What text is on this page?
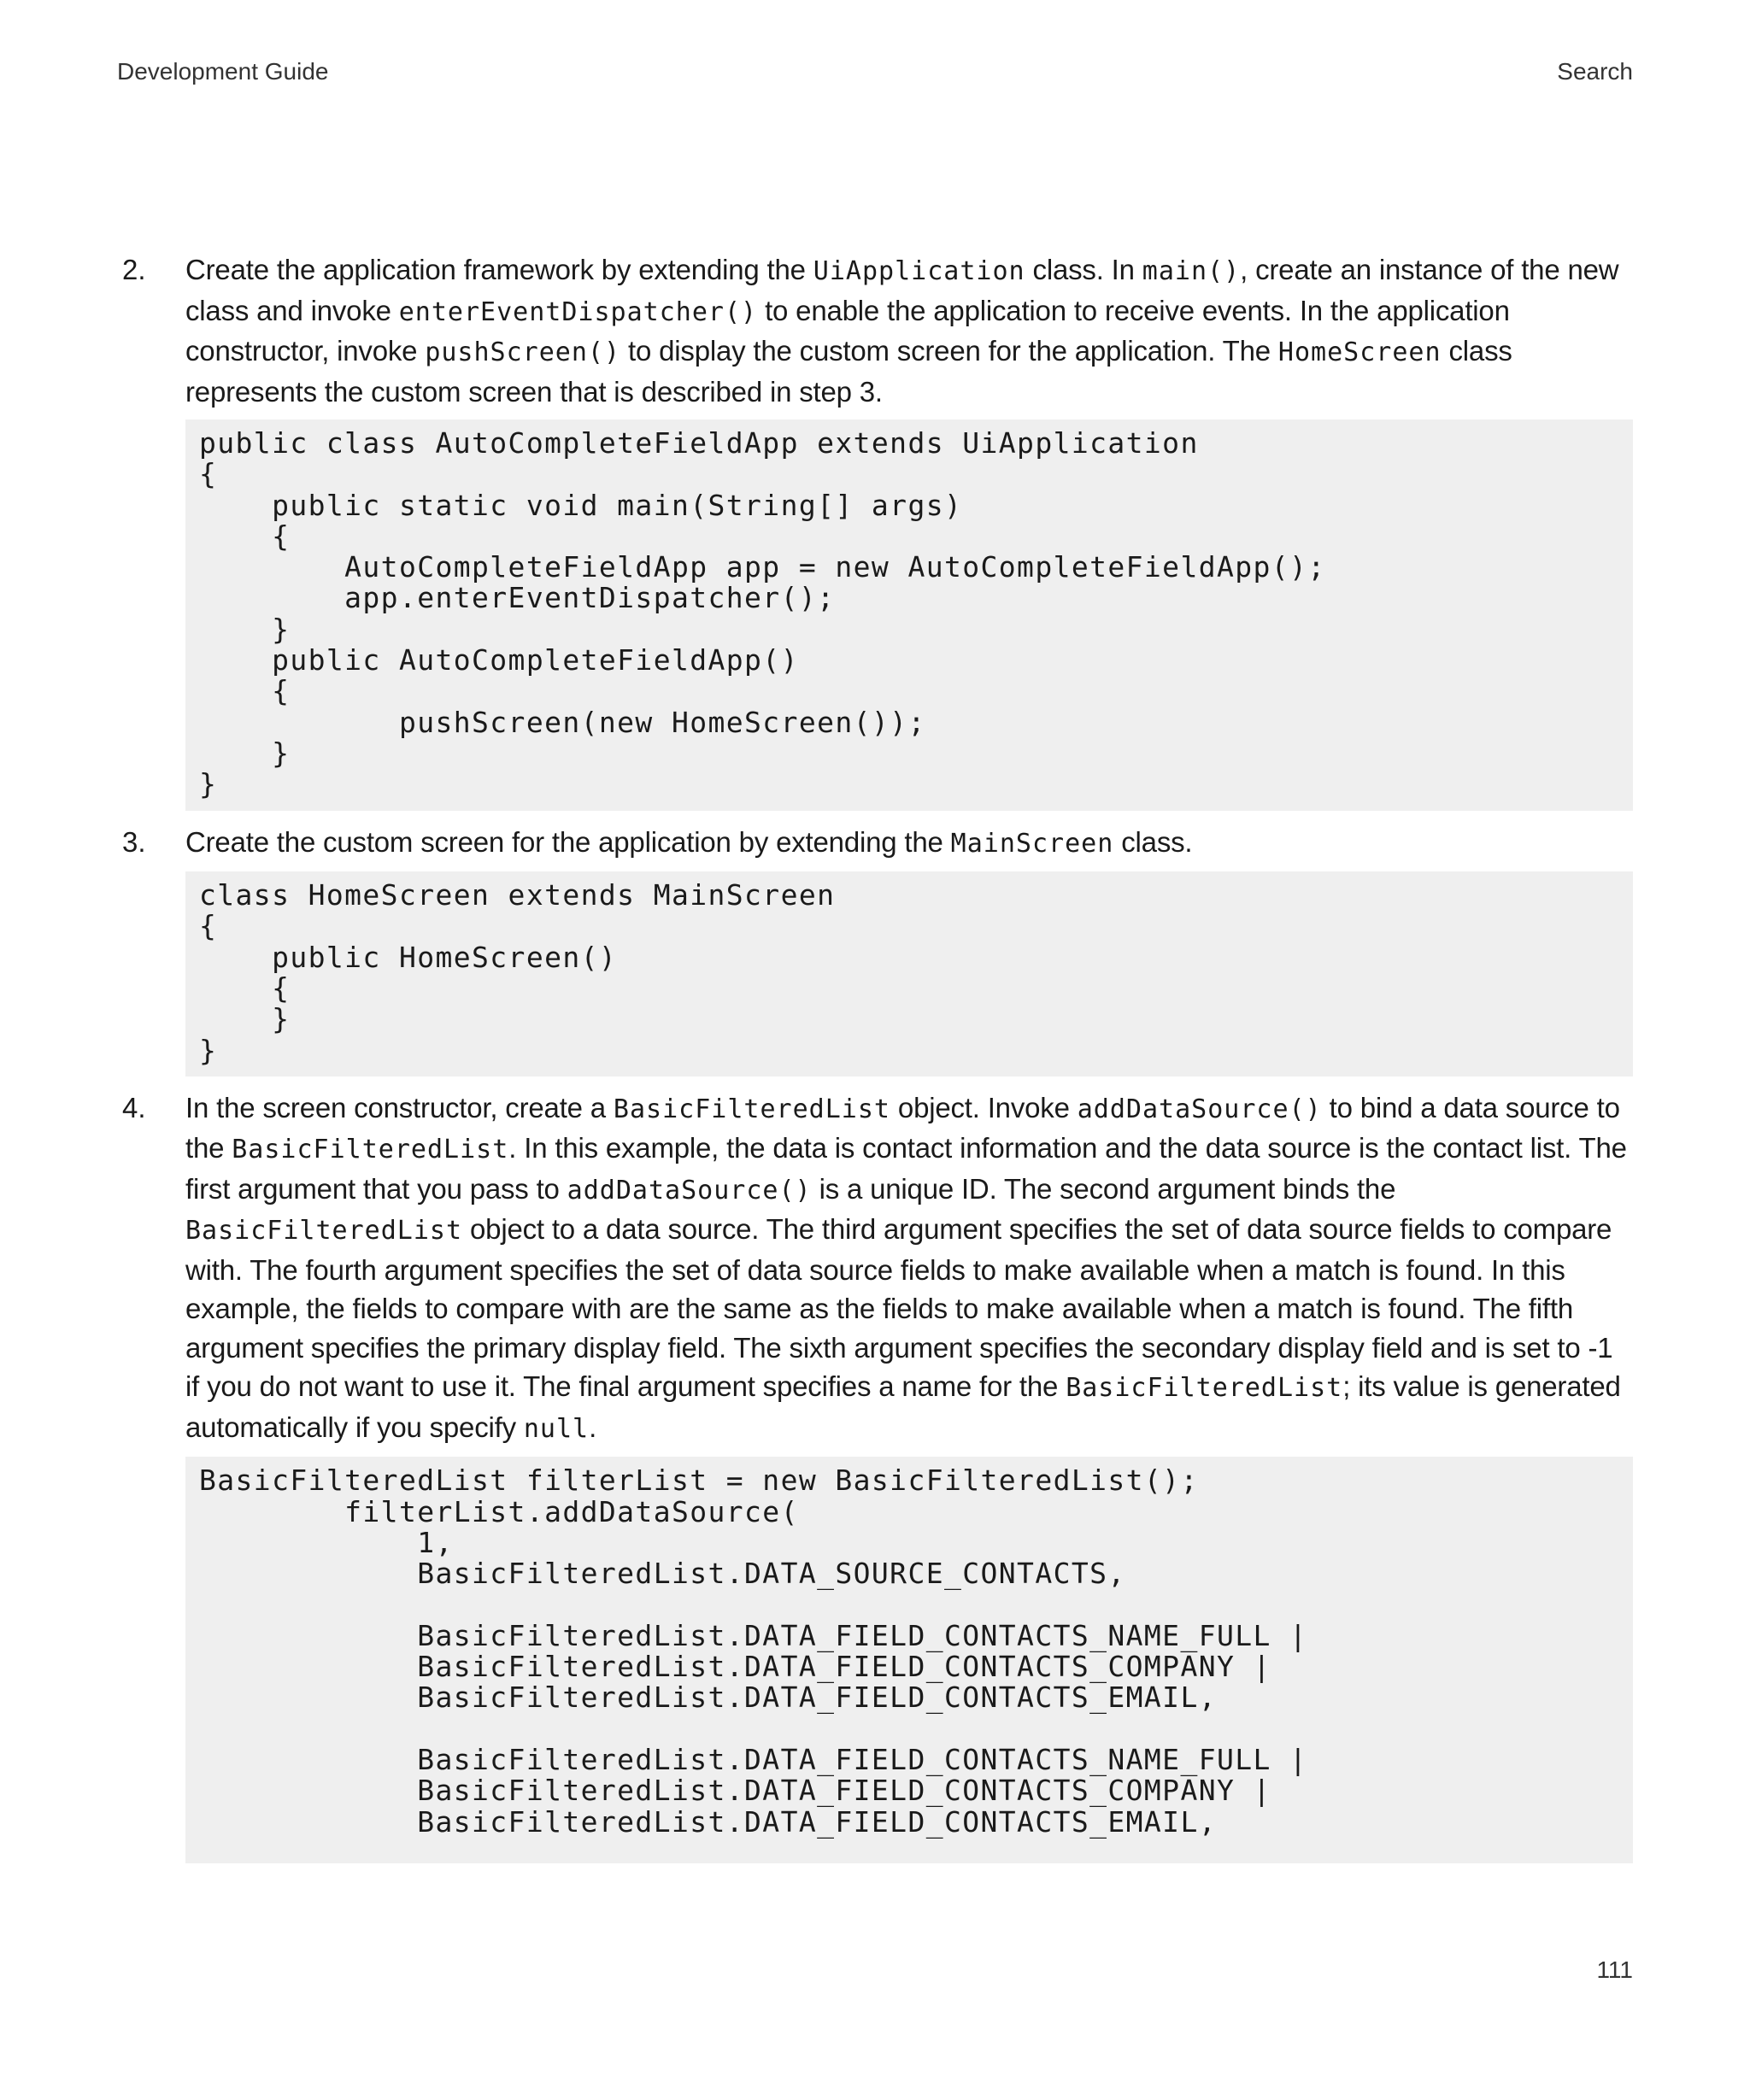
Development Guide	Search
2.	Create the application framework by extending the UiApplication class. In main(), create an instance of the new class and invoke enterEventDispatcher() to enable the application to receive events. In the application constructor, invoke pushScreen() to display the custom screen for the application. The HomeScreen class represents the custom screen that is described in step 3.

public class AutoCompleteFieldApp extends UiApplication
{
public static void main(String[] args)
{
AutoCompleteFieldApp app = new AutoCompleteFieldApp();
app.enterEventDispatcher();
}
public AutoCompleteFieldApp()
{
pushScreen(new HomeScreen());
}
}
3.	Create the custom screen for the application by extending the MainScreen class.

class HomeScreen extends MainScreen
{
public HomeScreen()
{
}
}
4.	In the screen constructor, create a BasicFilteredList object. Invoke addDataSource() to bind a data source to the BasicFilteredList. In this example, the data is contact information and the data source is the contact list. The first argument that you pass to addDataSource() is a unique ID. The second argument binds the BasicFilteredList object to a data source. The third argument specifies the set of data source fields to compare with. The fourth argument specifies the set of data source fields to make available when a match is found. In this example, the fields to compare with are the same as the fields to make available when a match is found. The fifth argument specifies the primary display field. The sixth argument specifies the secondary display field and is set to -1 if you do not want to use it. The final argument specifies a name for the BasicFilteredList; its value is generated automatically if you specify null.

BasicFilteredList filterList = new BasicFilteredList();
filterList.addDataSource(
1,
BasicFilteredList.DATA_SOURCE_CONTACTS,

BasicFilteredList.DATA_FIELD_CONTACTS_NAME_FULL |
BasicFilteredList.DATA_FIELD_CONTACTS_COMPANY |
BasicFilteredList.DATA_FIELD_CONTACTS_EMAIL,

BasicFilteredList.DATA_FIELD_CONTACTS_NAME_FULL |
BasicFilteredList.DATA_FIELD_CONTACTS_COMPANY |
BasicFilteredList.DATA_FIELD_CONTACTS_EMAIL,
111
